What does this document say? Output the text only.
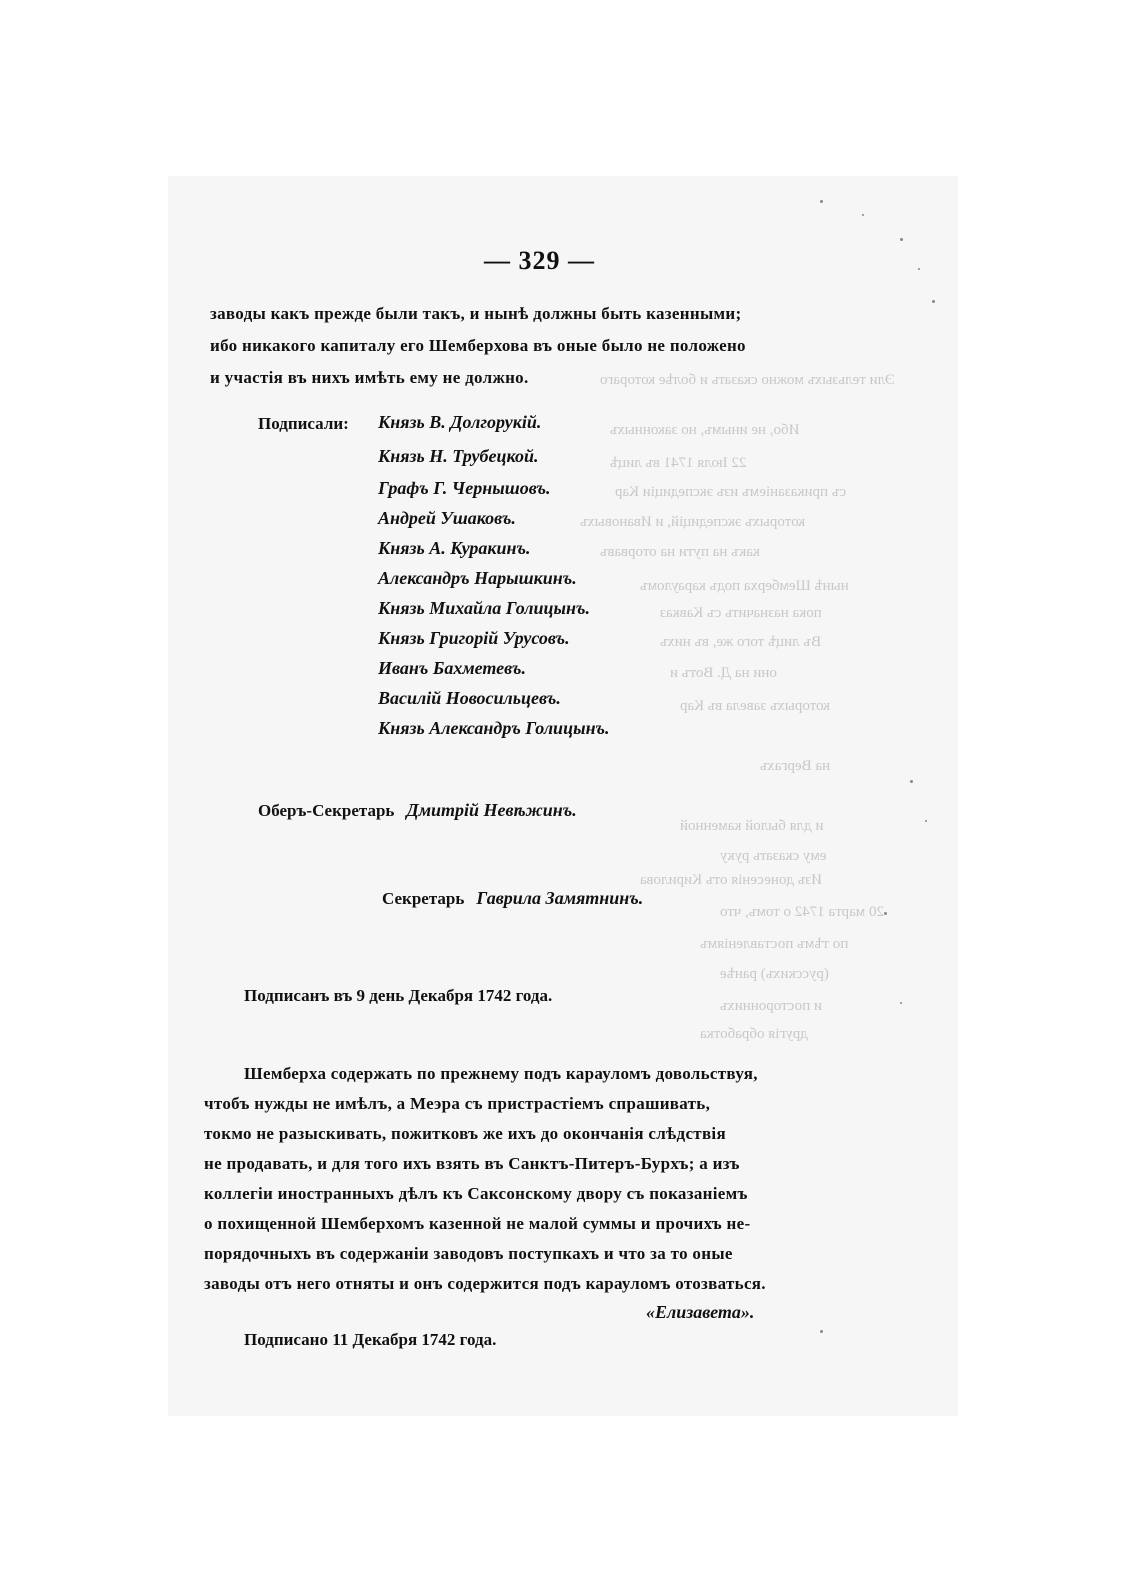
Эли тельзыхъ можно сказать и болѣе котораго
Ибо, не инымъ, но законныхъ
22 Іюля 1741 въ лицѣ
съ приказаніемъ изъ экспедиціи Кар
которыхъ экспедицій, и Ивановыхъ
какъ на пути на оторвавъ
нынѣ Шемберха подъ карауломъ
пока назначить съ Кавказ
Въ лицѣ того же, въ нихъ
они на Д. Вотъ и
которыхъ завела въ Кар
на Вергахъ
и для былой каменной
ему сказать руку
Изъ донесенія отъ Кирилова
20 марта 1742 о томъ, что
по тѣмъ поставленіямъ
(русскихъ) ранѣе
и постороннихъ
другія обработка
— 329 —
заводы какъ прежде были такъ, и нынѣ должны быть казенными;
ибо никакого капиталу его Шемберхова въ оные было не положено
и участія въ нихъ имѣть ему не должно.
Подписали: Князь В. Долгорукій.
Князь Н. Трубецкой.
Графъ Г. Чернышовъ.
Андрей Ушаковъ.
Князь А. Куракинъ.
Александръ Нарышкинъ.
Князь Михайла Голицынъ.
Князь Григорій Урусовъ.
Иванъ Бахметевъ.
Василій Новосильцевъ.
Князь Александръ Голицынъ.
Оберъ-Секретарь Дмитрій Невѣжинъ.
Секретарь Гаврила Замятнинъ.
Подписанъ въ 9 день Декабря 1742 года.
Шемберха содержать по прежнему подъ карауломъ довольствуя,
чтобъ нужды не имѣлъ, а Меэра съ пристрастіемъ спрашивать,
токмо не разыскивать, пожитковъ же ихъ до окончанія слѣдствія
не продавать, и для того ихъ взять въ Санктъ-Питеръ-Бурхъ; а изъ
коллегіи иностранныхъ дѣлъ къ Саксонскому двору съ показаніемъ
о похищенной Шемберхомъ казенной не малой суммы и прочихъ не-
порядочныхъ въ содержаніи заводовъ поступкахъ и что за то оные
заводы отъ него отняты и онъ содержится подъ карауломъ отозваться.
«Елизавета».
Подписано 11 Декабря 1742 года.
